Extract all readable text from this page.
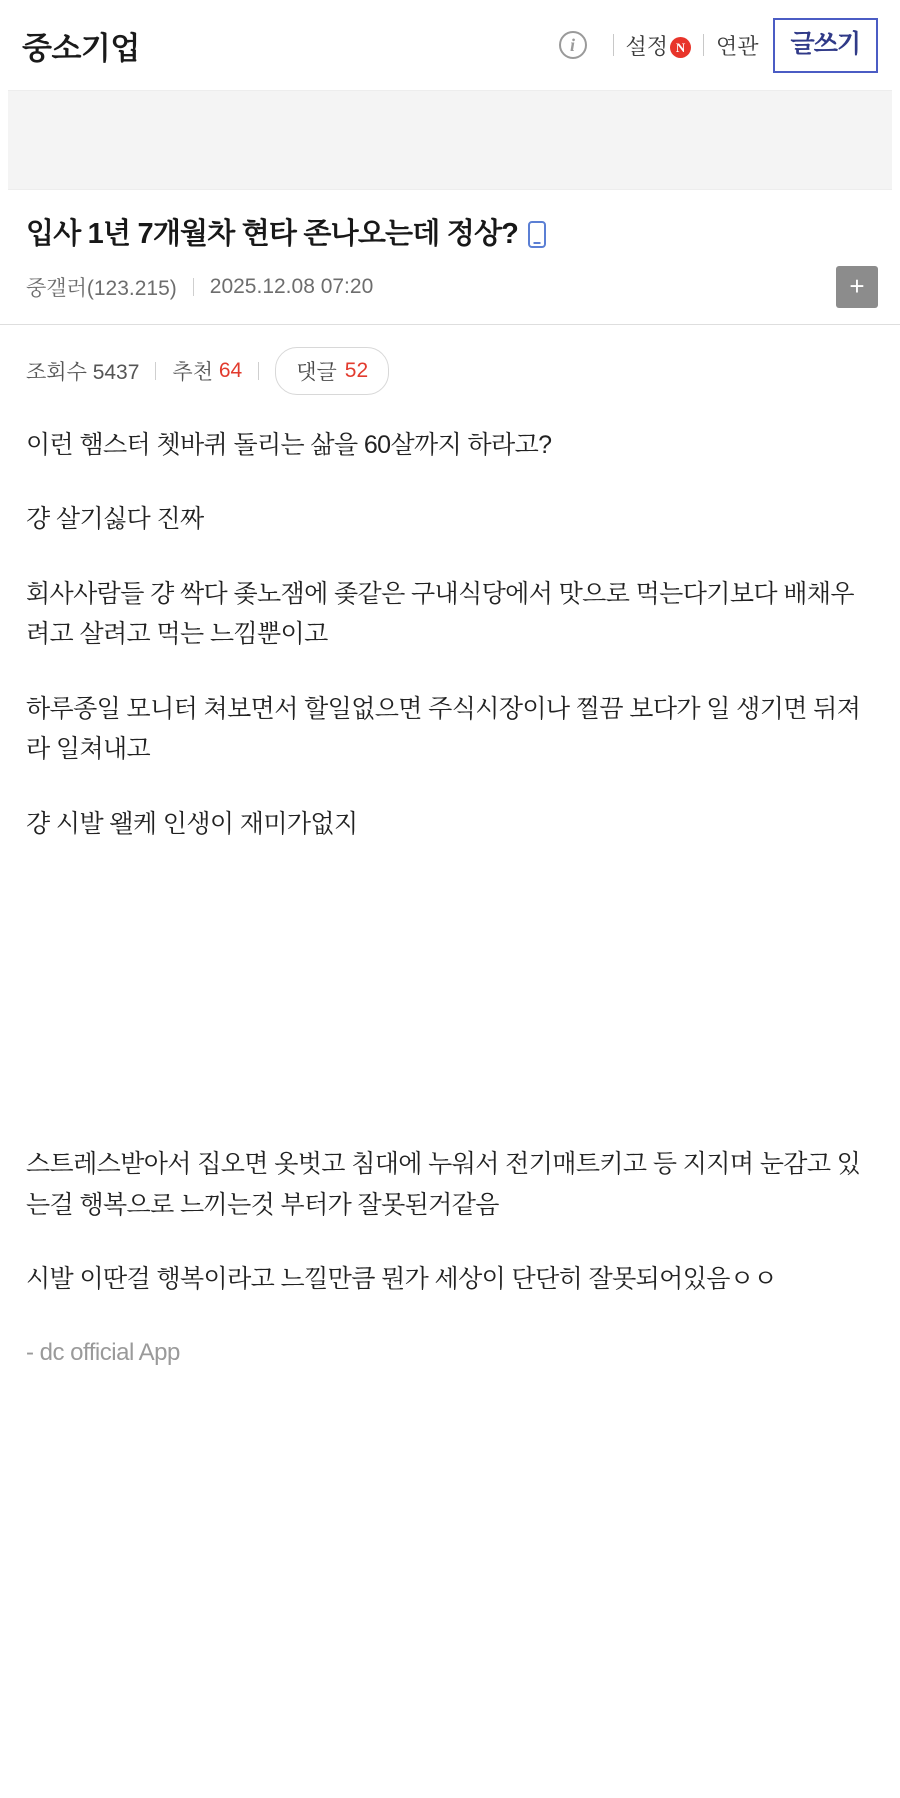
중소기업	i	설정 N 연관	글쓰기
입사 1년 7개월차 현타 존나오는데 정상?
중갤러(123.215) 2025.12.08 07:20	+
조회수 5437 추천
64	댓글 52

이런 햄스터 쳇바퀴 돌리는 삶을 60살까지 하라고?

걍 살기싫다 진짜

회사사람들 걍 싹다 좆노잼에 좆같은 구내식당에서 맛으로 먹는다기보다 배채우려고 살려고 먹는 느낌뿐이고

하루종일 모니터 쳐보면서 할일없으면 주식시장이나 찔끔 보다가 일 생기면 뒤져라 일쳐내고

걍 시발 왤케 인생이 재미가없지

스트레스받아서 집오면 옷벗고 침대에 누워서 전기매트키고 등 지지며 눈감고 있는걸 행복으로 느끼는것 부터가 잘못된거같음

시발 이딴걸 행복이라고 느낄만큼 뭔가 세상이 단단히 잘못되어있음ㅇㅇ

- dc official App
